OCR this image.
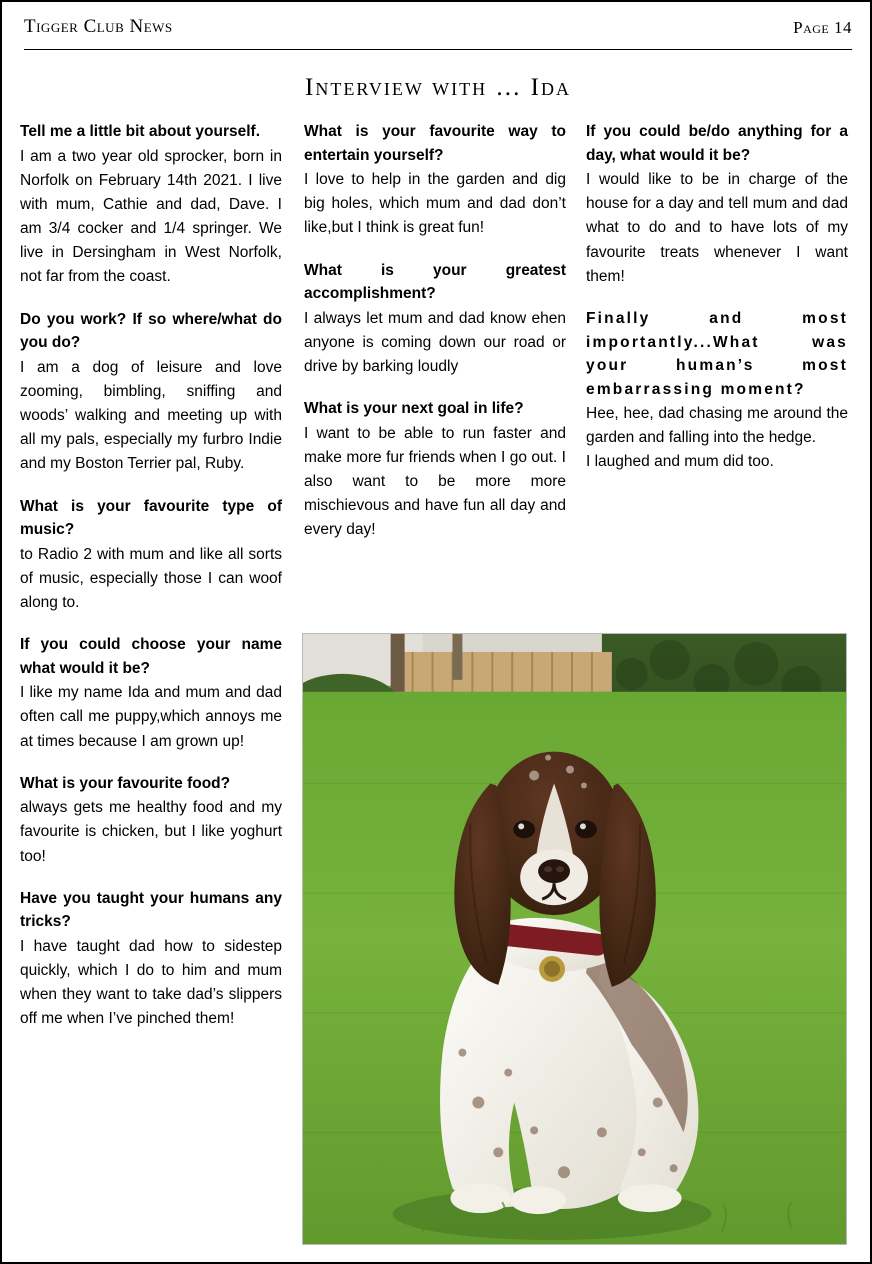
Tigger Club News	Page 14
Interview with … Ida

Tell me a little bit about yourself.

I am a two year old sprocker, born in Norfolk on February 14th 2021. I live with mum, Cathie and dad, Dave. I am 3/4 cocker and 1/4 springer. We live in Dersingham in West Norfolk, not far from the coast.

Do you work? If so where/what do you do?

I am a dog of leisure and love zooming, bimbling, sniffing and woods’ walking and meeting up with all my pals, especially my furbro Indie and my Boston Terrier pal, Ruby.

What is your favourite type of music?

to Radio 2 with mum and like all sorts of music, especially those I can woof along to.

If you could choose your name what would it be?

I like my name Ida and mum and dad often call me puppy,which annoys me at times because I am grown up!

What is your favourite food?

always gets me healthy food and my favourite is chicken, but I like yoghurt too!

Have you taught your humans any tricks?

I have taught dad how to sidestep quickly, which I do to him and mum when they want to take dad’s slippers off me when I’ve pinched them!

What is your favourite way to entertain yourself?

I love to help in the garden and dig big holes, which mum and dad don’t like,but I think is great fun!

What is your greatest accomplishment?

I always let mum and dad know ehen anyone is coming down our road or drive by barking loudly

What is your next goal in life?

I want to be able to run faster and make more fur friends when I go out. I also want to be more more mischievous and have fun all day and every day!

If you could be/do anything for a day, what would it be?

I would like to be in charge of the house for a day and tell mum and dad what to do and to have lots of my favourite treats whenever I want them!

Finally and most importantly...What was your human’s most embarrassing moment?

Hee, hee, dad chasing me around the garden and falling into the hedge.

I laughed and mum did too.
